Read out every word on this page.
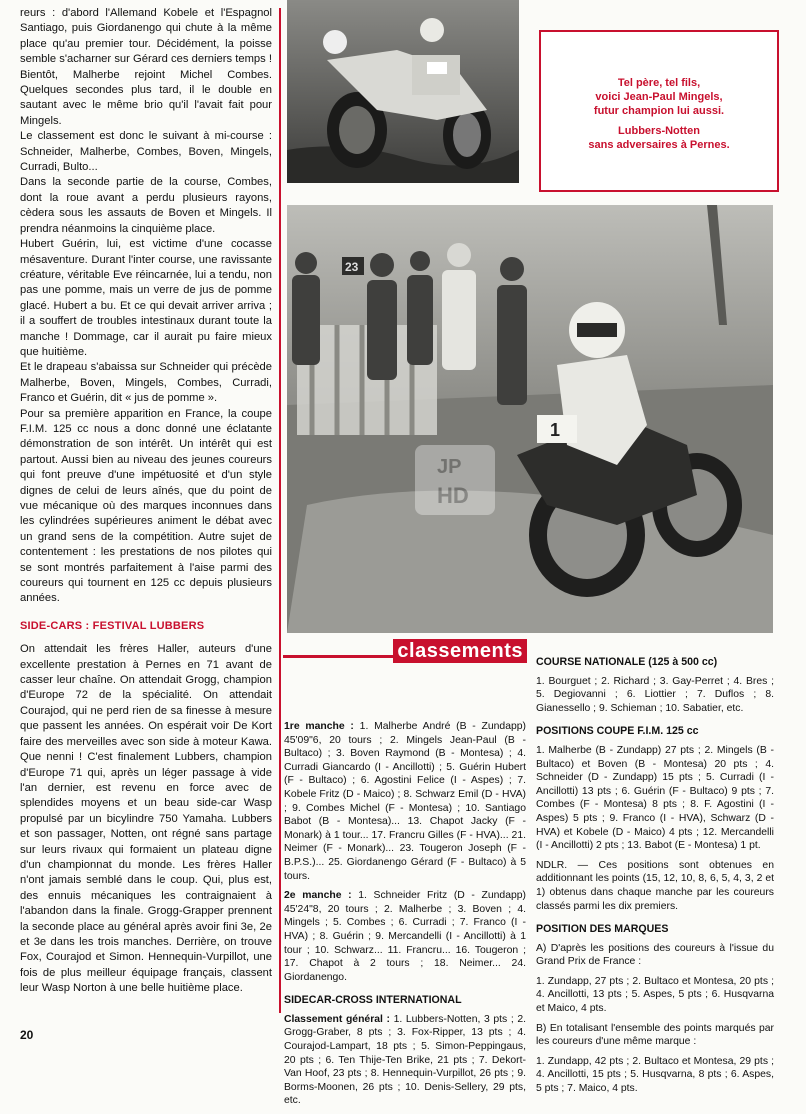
reurs : d'abord l'Allemand Kobele et l'Espagnol Santiago, puis Giordanengo qui chute à la même place qu'au premier tour. Décidément, la poisse semble s'acharner sur Gérard ces derniers temps ! Bientôt, Malherbe rejoint Michel Combes. Quelques secondes plus tard, il le double en sautant avec le même brio qu'il l'avait fait pour Mingels.

Le classement est donc le suivant à mi-course : Schneider, Malherbe, Combes, Boven, Mingels, Curradi, Bulto...

Dans la seconde partie de la course, Combes, dont la roue avant a perdu plusieurs rayons, cèdera sous les assauts de Boven et Mingels. Il prendra néanmoins la cinquième place.

Hubert Guérin, lui, est victime d'une cocasse mésaventure. Durant l'inter course, une ravissante créature, véritable Eve réincarnée, lui a tendu, non pas une pomme, mais un verre de jus de pomme glacé. Hubert a bu. Et ce qui devait arriver arriva ; il a souffert de troubles intestinaux durant toute la manche ! Dommage, car il aurait pu faire mieux que huitième.

Et le drapeau s'abaissa sur Schneider qui précède Malherbe, Boven, Mingels, Combes, Curradi, Franco et Guérin, dit « jus de pomme ».

Pour sa première apparition en France, la coupe F.I.M. 125 cc nous a donc donné une éclatante démonstration de son intérêt. Un intérêt qui est partout. Aussi bien au niveau des jeunes coureurs qui font preuve d'une impétuosité et d'un style dignes de celui de leurs aînés, que du point de vue mécanique où des marques inconnues dans les cylindrées supérieures animent le débat avec un grand sens de la compétition. Autre sujet de contentement : les prestations de nos pilotes qui se sont montrés parfaitement à l'aise parmi des coureurs qui tournent en 125 cc depuis plusieurs années.

SIDE-CARS : FESTIVAL LUBBERS

On attendait les frères Haller, auteurs d'une excellente prestation à Pernes en 71 avant de casser leur chaîne. On attendait Grogg, champion d'Europe 72 de la spécialité. On attendait Courajod, qui ne perd rien de sa finesse à mesure que passent les années. On espérait voir De Kort faire des merveilles avec son side à moteur Kawa. Que nenni ! C'est finalement Lubbers, champion d'Europe 71 qui, après un léger passage à vide l'an dernier, est revenu en force avec de splendides moyens et un beau side-car Wasp propulsé par un bicylindre 750 Yamaha. Lubbers et son passager, Notten, ont régné sans partage sur leurs rivaux qui formaient un plateau digne d'un championnat du monde. Les frères Haller n'ont jamais semblé dans le coup. Qui, plus est, des ennuis mécaniques les contraignaient à l'abandon dans la finale. Grogg-Grapper prennent la seconde place au général après avoir fini 3e, 2e et 3e dans les trois manches. Derrière, on trouve Fox, Courajod et Simon. Hennequin-Vurpillot, une fois de plus meilleur équipage français, classent leur Wasp Norton à une belle huitième place.

20
Tel père, tel fils,
voici Jean-Paul Mingels,
futur champion lui aussi.
Lubbers-Notten
sans adversaires à Pernes.
23
1
JP
HD
classements

1re manche : 1. Malherbe André (B - Zundapp) 45'09"6, 20 tours ; 2. Mingels Jean-Paul (B - Bultaco) ; 3. Boven Raymond (B - Montesa) ; 4. Curradi Giancardo (I - Ancillotti) ; 5. Guérin Hubert (F - Bultaco) ; 6. Agostini Felice (I - Aspes) ; 7. Kobele Fritz (D - Maico) ; 8. Schwarz Emil (D - HVA) ; 9. Combes Michel (F - Montesa) ; 10. Santiago Babot (B - Montesa)... 13. Chapot Jacky (F - Monark) à 1 tour... 17. Francru Gilles (F - HVA)... 21. Neimer (F - Monark)... 23. Tougeron Joseph (F - B.P.S.)... 25. Giordanengo Gérard (F - Bultaco) à 5 tours.

2e manche : 1. Schneider Fritz (D - Zundapp) 45'24"8, 20 tours ; 2. Malherbe ; 3. Boven ; 4. Mingels ; 5. Combes ; 6. Curradi ; 7. Franco (I - HVA) ; 8. Guérin ; 9. Mercandelli (I - Ancillotti) à 1 tour ; 10. Schwarz... 11. Francru... 16. Tougeron ; 17. Chapot à 2 tours ; 18. Neimer... 24. Giordanengo.

SIDECAR-CROSS INTERNATIONAL

Classement général : 1. Lubbers-Notten, 3 pts ; 2. Grogg-Graber, 8 pts ; 3. Fox-Ripper, 13 pts ; 4. Courajod-Lampart, 18 pts ; 5. Simon-Peppingaus, 20 pts ; 6. Ten Thije-Ten Brike, 21 pts ; 7. Dekort-Van Hoof, 23 pts ; 8. Hennequin-Vurpillot, 26 pts ; 9. Borms-Moonen, 26 pts ; 10. Denis-Sellery, 29 pts, etc.

COURSE NATIONALE (125 à 500 cc)

1. Bourguet ; 2. Richard ; 3. Gay-Perret ; 4. Bres ; 5. Degiovanni ; 6. Liottier ; 7. Duflos ; 8. Gianessello ; 9. Schieman ; 10. Sabatier, etc.

POSITIONS COUPE F.I.M. 125 cc

1. Malherbe (B - Zundapp) 27 pts ; 2. Mingels (B - Bultaco) et Boven (B - Montesa) 20 pts ; 4. Schneider (D - Zundapp) 15 pts ; 5. Curradi (I - Ancillotti) 13 pts ; 6. Guérin (F - Bultaco) 9 pts ; 7. Combes (F - Montesa) 8 pts ; 8. F. Agostini (I - Aspes) 5 pts ; 9. Franco (I - HVA), Schwarz (D - HVA) et Kobele (D - Maico) 4 pts ; 12. Mercandelli (I - Ancillotti) 2 pts ; 13. Babot (E - Montesa) 1 pt.

NDLR. — Ces positions sont obtenues en additionnant les points (15, 12, 10, 8, 6, 5, 4, 3, 2 et 1) obtenus dans chaque manche par les coureurs classés parmi les dix premiers.

POSITION DES MARQUES

A) D'après les positions des coureurs à l'issue du Grand Prix de France :

1. Zundapp, 27 pts ; 2. Bultaco et Montesa, 20 pts ; 4. Ancillotti, 13 pts ; 5. Aspes, 5 pts ; 6. Husqvarna et Maico, 4 pts.

B) En totalisant l'ensemble des points marqués par les coureurs d'une même marque :

1. Zundapp, 42 pts ; 2. Bultaco et Montesa, 29 pts ; 4. Ancillotti, 15 pts ; 5. Husqvarna, 8 pts ; 6. Aspes, 5 pts ; 7. Maico, 4 pts.
